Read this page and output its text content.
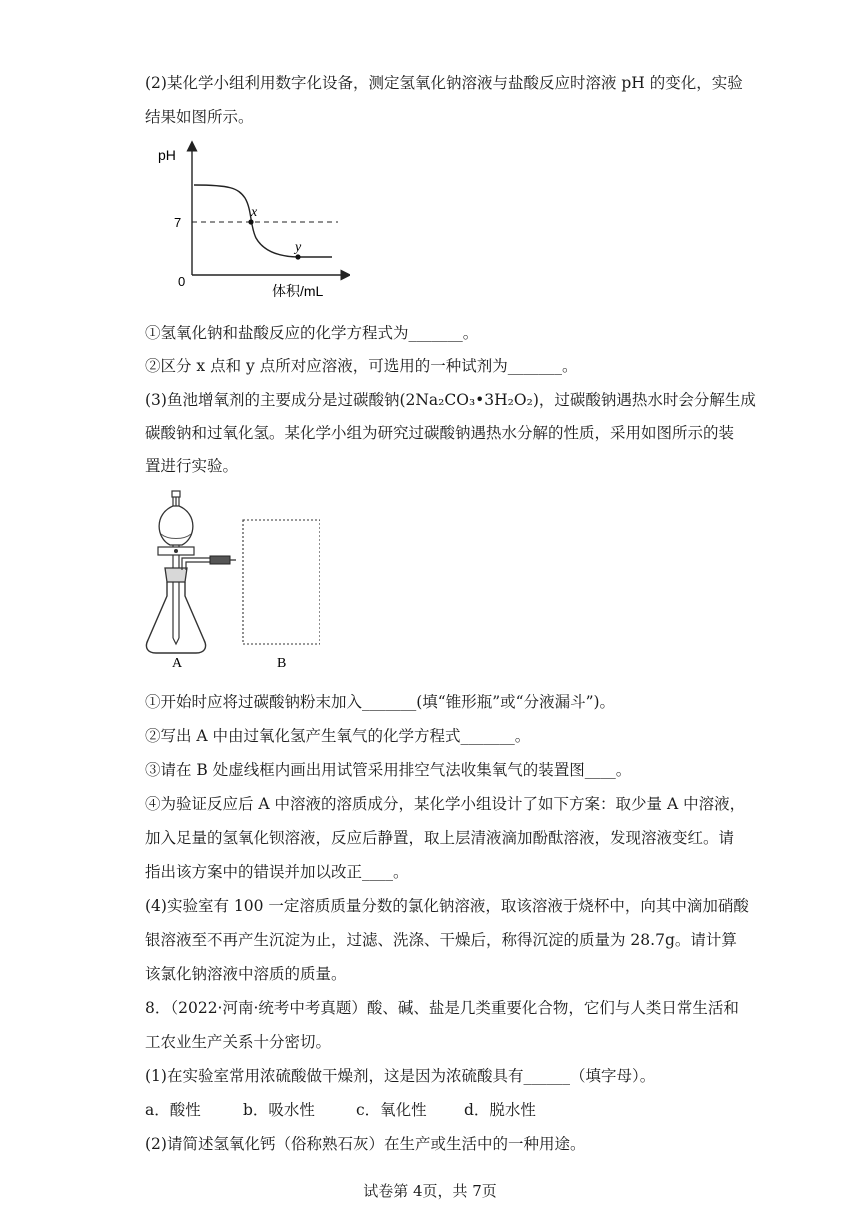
(2)某化学小组利用数字化设备，测定氢氧化钠溶液与盐酸反应时溶液 pH 的变化，实验
结果如图所示。
pH
7
0
体积/mL
x
y
①氢氧化钠和盐酸反应的化学方程式为_______。
②区分 x 点和 y 点所对应溶液，可选用的一种试剂为_______。
(3)鱼池增氧剂的主要成分是过碳酸钠(2Na₂CO₃•3H₂O₂)，过碳酸钠遇热水时会分解生成
碳酸钠和过氧化氢。某化学小组为研究过碳酸钠遇热水分解的性质，采用如图所示的装
置进行实验。
A	B
①开始时应将过碳酸钠粉末加入_______(填“锥形瓶”或“分液漏斗”)。
②写出 A 中由过氧化氢产生氧气的化学方程式_______。
③请在 B 处虚线框内画出用试管采用排空气法收集氧气的装置图____。
④为验证反应后 A 中溶液的溶质成分，某化学小组设计了如下方案：取少量 A 中溶液，
加入足量的氢氧化钡溶液，反应后静置，取上层清液滴加酚酞溶液，发现溶液变红。请
指出该方案中的错误并加以改正____。
(4)实验室有 100 一定溶质质量分数的氯化钠溶液，取该溶液于烧杯中，向其中滴加硝酸
银溶液至不再产生沉淀为止，过滤、洗涤、干燥后，称得沉淀的质量为 28.7g。请计算
该氯化钠溶液中溶质的质量。
8．（2022·河南·统考中考真题）酸、碱、盐是几类重要化合物，它们与人类日常生活和
工农业生产关系十分密切。
(1)在实验室常用浓硫酸做干燥剂，这是因为浓硫酸具有______（填字母）。
a．酸性	b．吸水性	c．氧化性 d．脱水性
(2)请简述氢氧化钙（俗称熟石灰）在生产或生活中的一种用途。
试卷第 4页，共 7页
